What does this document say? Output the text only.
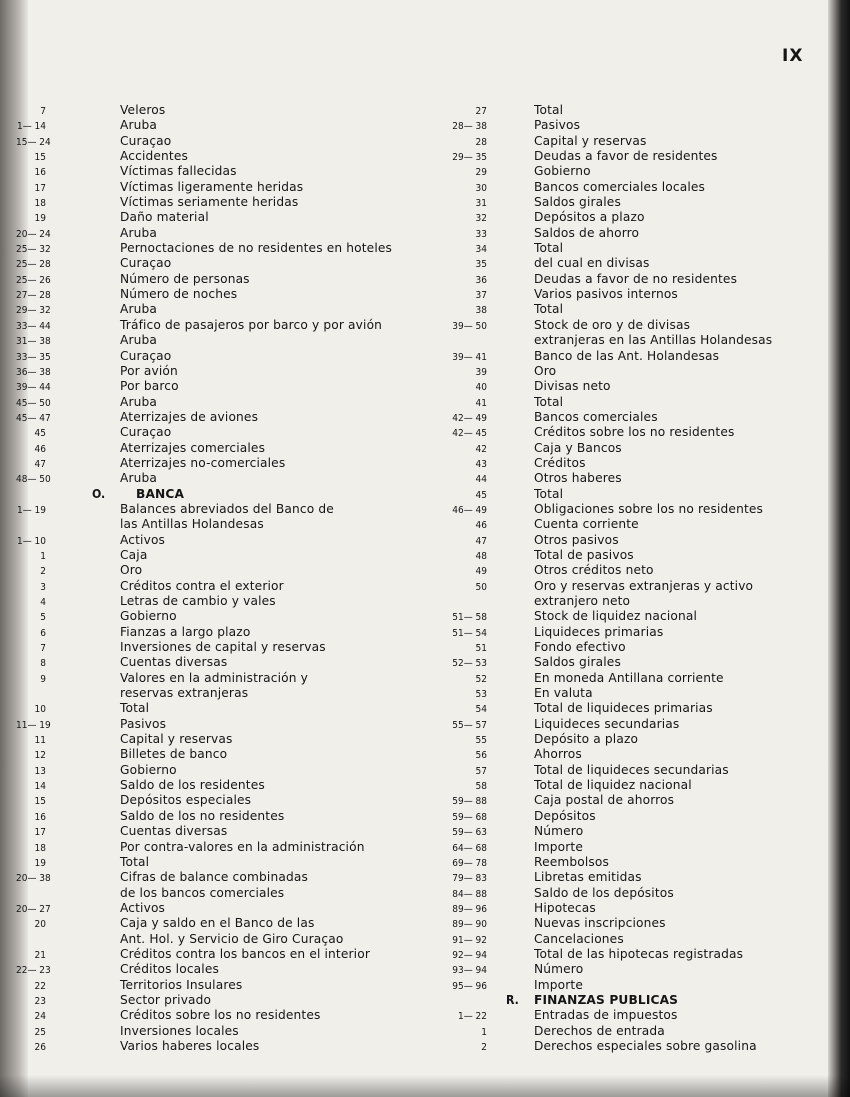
IX
7	Veleros
1— 14	Aruba
15— 24	Curaçao
15	Accidentes
16	Víctimas fallecidas
17	Víctimas ligeramente heridas
18	Víctimas seriamente heridas
19	Daño material
20— 24	Aruba
25— 32	Pernoctaciones de no residentes en hoteles
25— 28	Curaçao
25— 26	Número de personas
27— 28	Número de noches
29— 32	Aruba
33— 44	Tráfico de pasajeros por barco y por avión
31— 38	Aruba
33— 35	Curaçao
36— 38	Por avión
39— 44	Por barco
45— 50	Aruba
45— 47	Aterrizajes de aviones
45	Curaçao
46	Aterrizajes comerciales
47	Aterrizajes no-comerciales
48— 50	Aruba
O.	BANCA
1— 19	Balances abreviados del Banco de
las Antillas Holandesas
1— 10	Activos
1	Caja
2	Oro
3	Créditos contra el exterior
4	Letras de cambio y vales
5	Gobierno
6	Fianzas a largo plazo
7	Inversiones de capital y reservas
8	Cuentas diversas
9	Valores en la administración y
reservas extranjeras
10	Total
11— 19	Pasivos
11	Capital y reservas
12	Billetes de banco
13	Gobierno
14	Saldo de los residentes
15	Depósitos especiales
16	Saldo de los no residentes
17	Cuentas diversas
18	Por contra-valores en la administración
19	Total
20— 38	Cifras de balance combinadas
de los bancos comerciales
20— 27	Activos
20	Caja y saldo en el Banco de las
Ant. Hol. y Servicio de Giro Curaçao
21	Créditos contra los bancos en el interior
22— 23	Créditos locales
22	Territorios Insulares
23	Sector privado
24	Créditos sobre los no residentes
25	Inversiones locales
26	Varios haberes locales
27	Total
28— 38	Pasivos
28	Capital y reservas
29— 35	Deudas a favor de residentes
29	Gobierno
30	Bancos comerciales locales
31	Saldos girales
32	Depósitos a plazo
33	Saldos de ahorro
34	Total
35	del cual en divisas
36	Deudas a favor de no residentes
37	Varios pasivos internos
38	Total
39— 50	Stock de oro y de divisas
extranjeras en las Antillas Holandesas
39— 41	Banco de las Ant. Holandesas
39	Oro
40	Divisas neto
41	Total
42— 49	Bancos comerciales
42— 45	Créditos sobre los no residentes
42	Caja y Bancos
43	Créditos
44	Otros haberes
45	Total
46— 49	Obligaciones sobre los no residentes
46	Cuenta corriente
47	Otros pasivos
48	Total de pasivos
49	Otros créditos neto
50	Oro y reservas extranjeras y activo
extranjero neto
51— 58	Stock de liquidez nacional
51— 54	Liquideces primarias
51	Fondo efectivo
52— 53	Saldos girales
52	En moneda Antillana corriente
53	En valuta
54	Total de liquideces primarias
55— 57	Liquideces secundarias
55	Depósito a plazo
56	Ahorros
57	Total de liquideces secundarias
58	Total de liquidez nacional
59— 88	Caja postal de ahorros
59— 68	Depósitos
59— 63	Número
64— 68	Importe
69— 78	Reembolsos
79— 83	Libretas emitidas
84— 88	Saldo de los depósitos
89— 96	Hipotecas
89— 90	Nuevas inscripciones
91— 92	Cancelaciones
92— 94	Total de las hipotecas registradas
93— 94	Número
95— 96	Importe
R.	FINANZAS PUBLICAS
1— 22	Entradas de impuestos
1	Derechos de entrada
2	Derechos especiales sobre gasolina
